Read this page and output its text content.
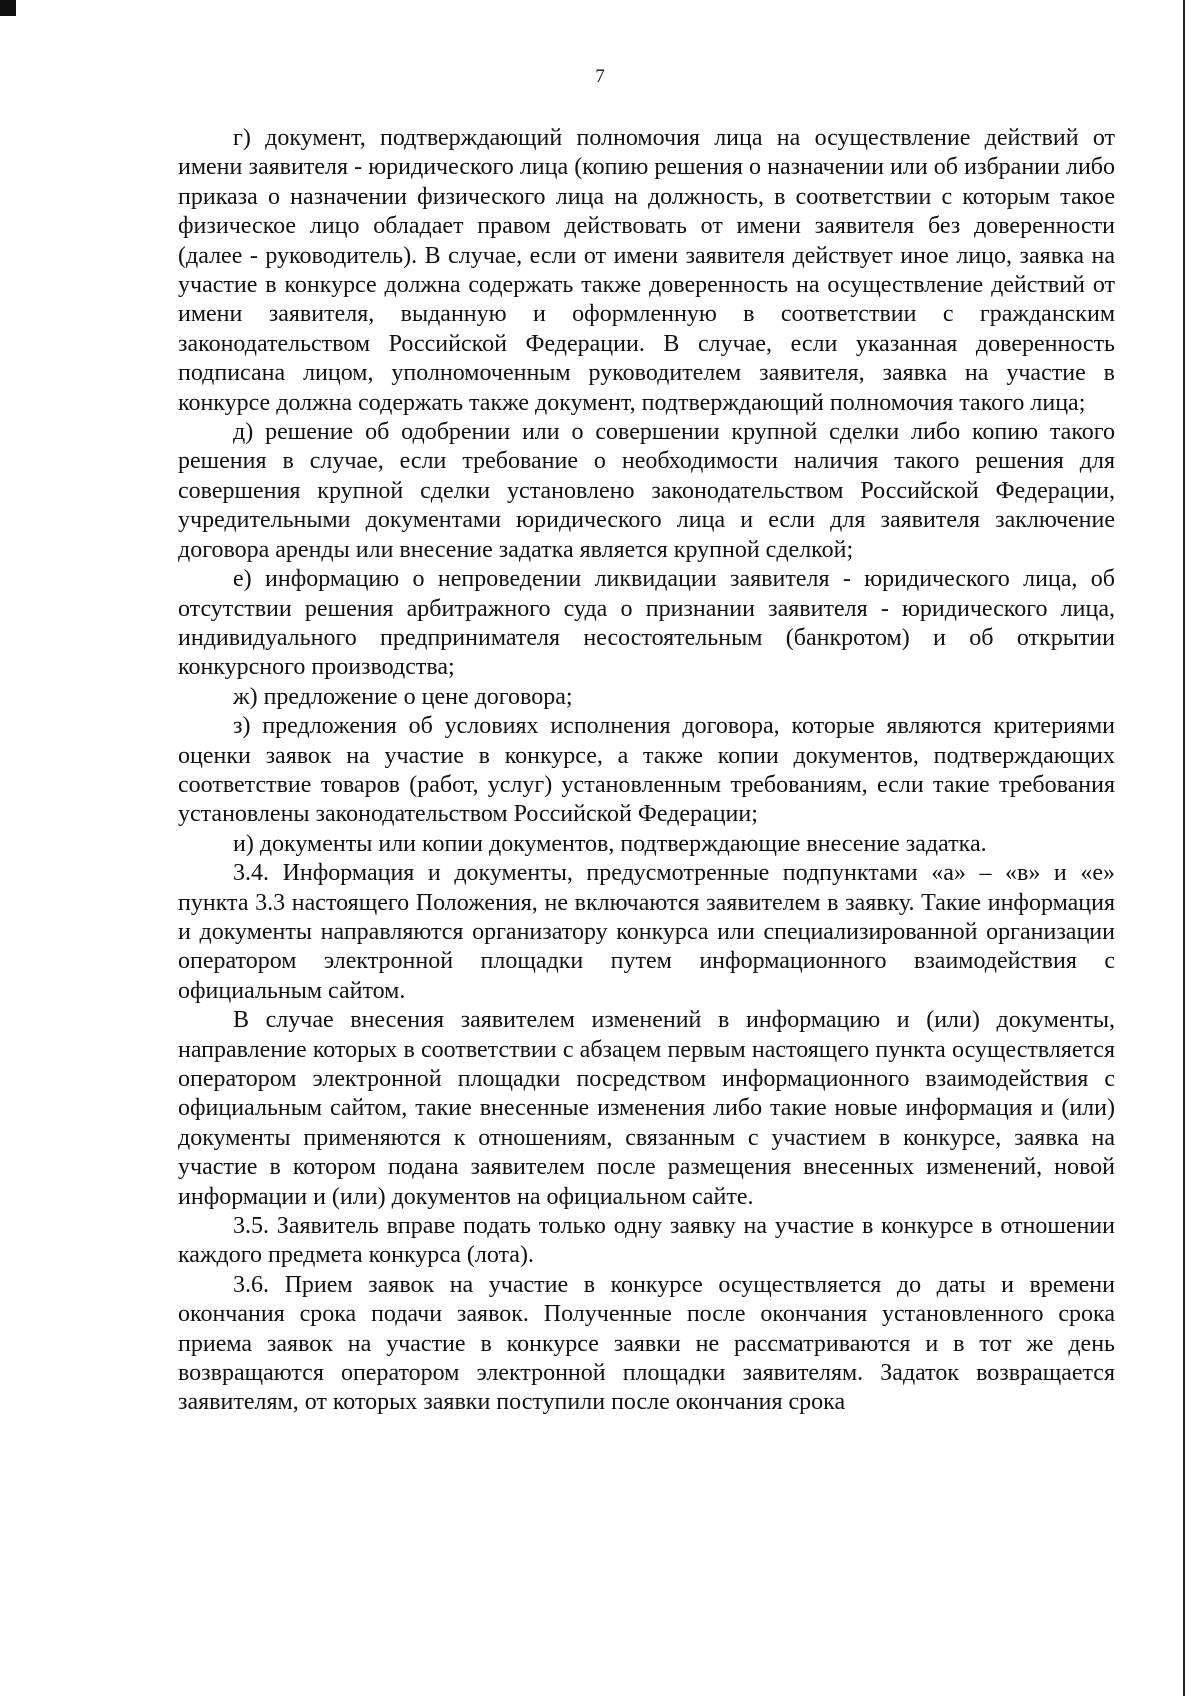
7

г) документ, подтверждающий полномочия лица на осуществление действий от имени заявителя - юридического лица (копию решения о назначении или об избрании либо приказа о назначении физического лица на должность, в соответствии с которым такое физическое лицо обладает правом действовать от имени заявителя без доверенности (далее - руководитель). В случае, если от имени заявителя действует иное лицо, заявка на участие в конкурсе должна содержать также доверенность на осуществление действий от имени заявителя, выданную и оформленную в соответствии с гражданским законодательством Российской Федерации. В случае, если указанная доверенность подписана лицом, уполномоченным руководителем заявителя, заявка на участие в конкурсе должна содержать также документ, подтверждающий полномочия такого лица;

д) решение об одобрении или о совершении крупной сделки либо копию такого решения в случае, если требование о необходимости наличия такого решения для совершения крупной сделки установлено законодательством Российской Федерации, учредительными документами юридического лица и если для заявителя заключение договора аренды или внесение задатка является крупной сделкой;

е) информацию о непроведении ликвидации заявителя - юридического лица, об отсутствии решения арбитражного суда о признании заявителя - юридического лица, индивидуального предпринимателя несостоятельным (банкротом) и об открытии конкурсного производства;

ж) предложение о цене договора;

з) предложения об условиях исполнения договора, которые являются критериями оценки заявок на участие в конкурсе, а также копии документов, подтверждающих соответствие товаров (работ, услуг) установленным требованиям, если такие требования установлены законодательством Российской Федерации;

и) документы или копии документов, подтверждающие внесение задатка.

3.4. Информация и документы, предусмотренные подпунктами «а» – «в» и «е» пункта 3.3 настоящего Положения, не включаются заявителем в заявку. Такие информация и документы направляются организатору конкурса или специализированной организации оператором электронной площадки путем информационного взаимодействия с официальным сайтом.

В случае внесения заявителем изменений в информацию и (или) документы, направление которых в соответствии с абзацем первым настоящего пункта осуществляется оператором электронной площадки посредством информационного взаимодействия с официальным сайтом, такие внесенные изменения либо такие новые информация и (или) документы применяются к отношениям, связанным с участием в конкурсе, заявка на участие в котором подана заявителем после размещения внесенных изменений, новой информации и (или) документов на официальном сайте.

3.5. Заявитель вправе подать только одну заявку на участие в конкурсе в отношении каждого предмета конкурса (лота).

3.6. Прием заявок на участие в конкурсе осуществляется до даты и времени окончания срока подачи заявок. Полученные после окончания установленного срока приема заявок на участие в конкурсе заявки не рассматриваются и в тот же день возвращаются оператором электронной площадки заявителям. Задаток возвращается заявителям, от которых заявки поступили после окончания срока
